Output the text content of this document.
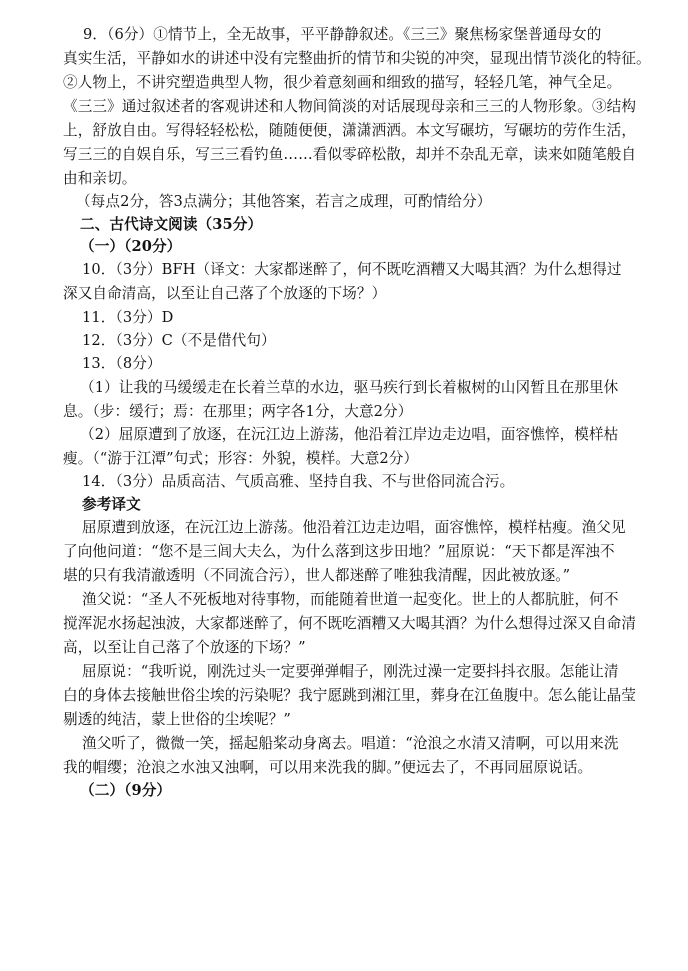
9．（6分）①情节上，全无故事，平平静静叙述。《三三》聚焦杨家堡普通母女的
真实生活，平静如水的讲述中没有完整曲折的情节和尖锐的冲突，显现出情节淡化的特征。
②人物上，不讲究塑造典型人物，很少着意刻画和细致的描写，轻轻几笔，神气全足。
《三三》通过叙述者的客观讲述和人物间简淡的对话展现母亲和三三的人物形象。③结构
上，舒放自由。写得轻轻松松，随随便便，潇潇洒洒。本文写碾坊，写碾坊的劳作生活，
写三三的自娱自乐，写三三看钓鱼……看似零碎松散，却并不杂乱无章，读来如随笔般自
由和亲切。
（每点2分，答3点满分；其他答案，若言之成理，可酌情给分）
二、古代诗文阅读（35分）
（一）（20分）
10．（3分）BFH（译文：大家都迷醉了，何不既吃酒糟又大喝其酒？为什么想得过
深又自命清高，以至让自己落了个放逐的下场？）
11．（3分）D
12．（3分）C（不是借代句）
13．（8分）
（1）让我的马缓缓走在长着兰草的水边，驱马疾行到长着椒树的山冈暂且在那里休
息。（步：缓行；焉：在那里；两字各1分，大意2分）
（2）屈原遭到了放逐，在沅江边上游荡，他沿着江岸边走边唱，面容憔悴，模样枯
瘦。（“游于江潭”句式；形容：外貌，模样。大意2分）
14．（3分）品质高洁、气质高雅、坚持自我、不与世俗同流合污。
参考译文
屈原遭到放逐，在沅江边上游荡。他沿着江边走边唱，面容憔悴，模样枯瘦。渔父见
了向他问道：“您不是三闾大夫么，为什么落到这步田地？”屈原说：“天下都是浑浊不
堪的只有我清澈透明（不同流合污），世人都迷醉了唯独我清醒，因此被放逐。”
渔父说：“圣人不死板地对待事物，而能随着世道一起变化。世上的人都肮脏，何不
搅浑泥水扬起浊波，大家都迷醉了，何不既吃酒糟又大喝其酒？为什么想得过深又自命清
高，以至让自己落了个放逐的下场？”
屈原说：“我听说，刚洗过头一定要弹弹帽子，刚洗过澡一定要抖抖衣服。怎能让清
白的身体去接触世俗尘埃的污染呢？我宁愿跳到湘江里，葬身在江鱼腹中。怎么能让晶莹
剔透的纯洁，蒙上世俗的尘埃呢？”
渔父听了，微微一笑，摇起船桨动身离去。唱道：“沧浪之水清又清啊，可以用来洗
我的帽缨；沧浪之水浊又浊啊，可以用来洗我的脚。”便远去了，不再同屈原说话。
（二）（9分）
